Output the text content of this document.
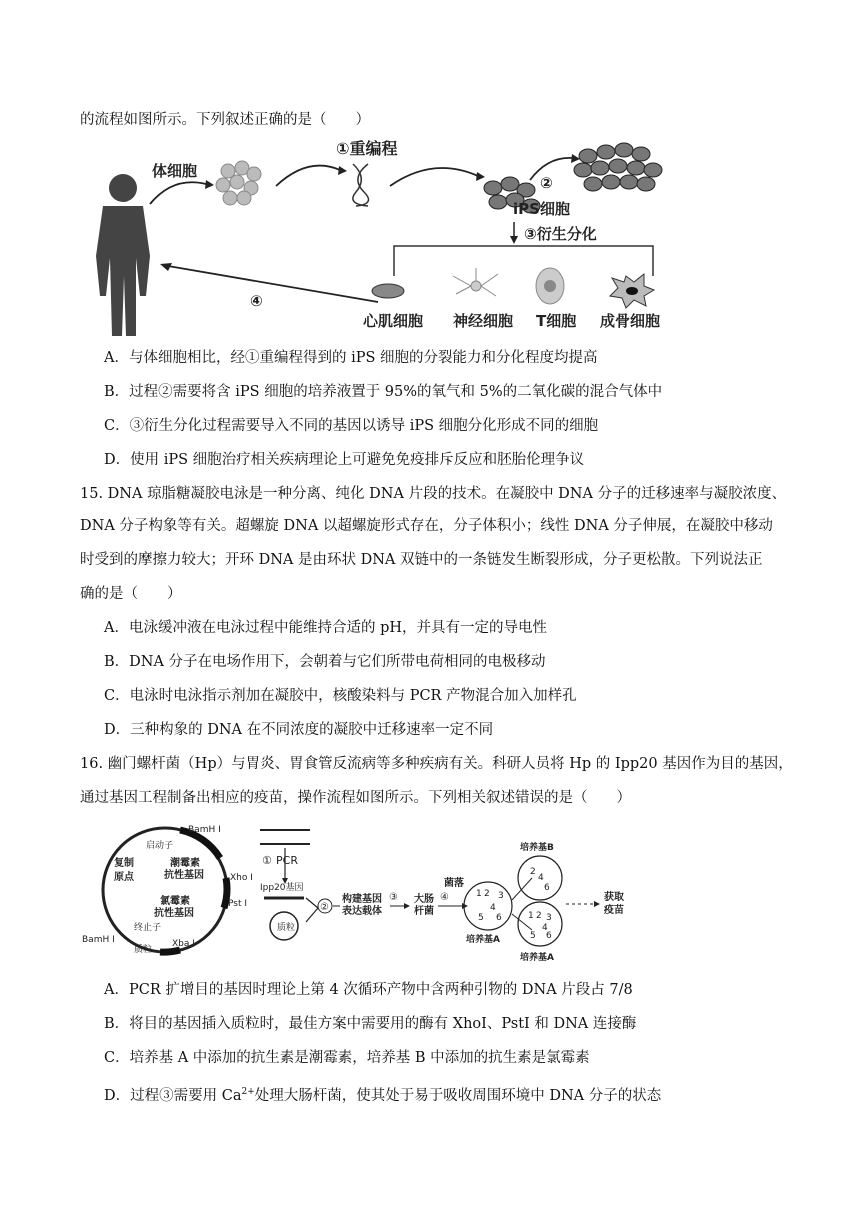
的流程如图所示。下列叙述正确的是（　　）
体细胞
①重编程
②
iPS细胞
③衍生分化
④
心肌细胞 神经细胞 T细胞 成骨细胞
A．与体细胞相比，经①重编程得到的 iPS 细胞的分裂能力和分化程度均提高
B．过程②需要将含 iPS 细胞的培养液置于 95%的氧气和 5%的二氧化碳的混合气体中
C．③衍生分化过程需要导入不同的基因以诱导 iPS 细胞分化形成不同的细胞
D．使用 iPS 细胞治疗相关疾病理论上可避免免疫排斥反应和胚胎伦理争议
15. DNA 琼脂糖凝胶电泳是一种分离、纯化 DNA 片段的技术。在凝胶中 DNA 分子的迁移速率与凝胶浓度、
DNA 分子构象等有关。超螺旋 DNA 以超螺旋形式存在，分子体积小；线性 DNA 分子伸展，在凝胶中移动
时受到的摩擦力较大；开环 DNA 是由环状 DNA 双链中的一条链发生断裂形成，分子更松散。下列说法正
确的是（　　）
A．电泳缓冲液在电泳过程中能维持合适的 pH，并具有一定的导电性
B．DNA 分子在电场作用下，会朝着与它们所带电荷相同的电极移动
C．电泳时电泳指示剂加在凝胶中，核酸染料与 PCR 产物混合加入加样孔
D．三种构象的 DNA 在不同浓度的凝胶中迁移速率一定不同
16. 幽门螺杆菌（Hp）与胃炎、胃食管反流病等多种疾病有关。科研人员将 Hp 的 Ipp20 基因作为目的基因，
通过基因工程制备出相应的疫苗，操作流程如图所示。下列相关叙述错误的是（　　）
BamH I
启动子
复制
原点
潮霉素
抗性基因	Xho I
氯霉素
抗性基因
Pst I
终止子
BamH I
质粒
Xba I
① PCR
Ipp20基因
质粒
②
构建基因
表达载体
③ 大肠
杆菌
④
菌落
1 2 3
4
5 6
培养基A
培养基B
2
4
6
1 2 3
4
5 6
培养基A
获取
疫苗
A．PCR 扩增目的基因时理论上第 4 次循环产物中含两种引物的 DNA 片段占 7/8
B．将目的基因插入质粒时，最佳方案中需要用的酶有 XhoI、PstI 和 DNA 连接酶
C．培养基 A 中添加的抗生素是潮霉素，培养基 B 中添加的抗生素是氯霉素
D．过程③需要用 $Ca^{2+}$处理大肠杆菌，使其处于易于吸收周围环境中 DNA 分子的状态
